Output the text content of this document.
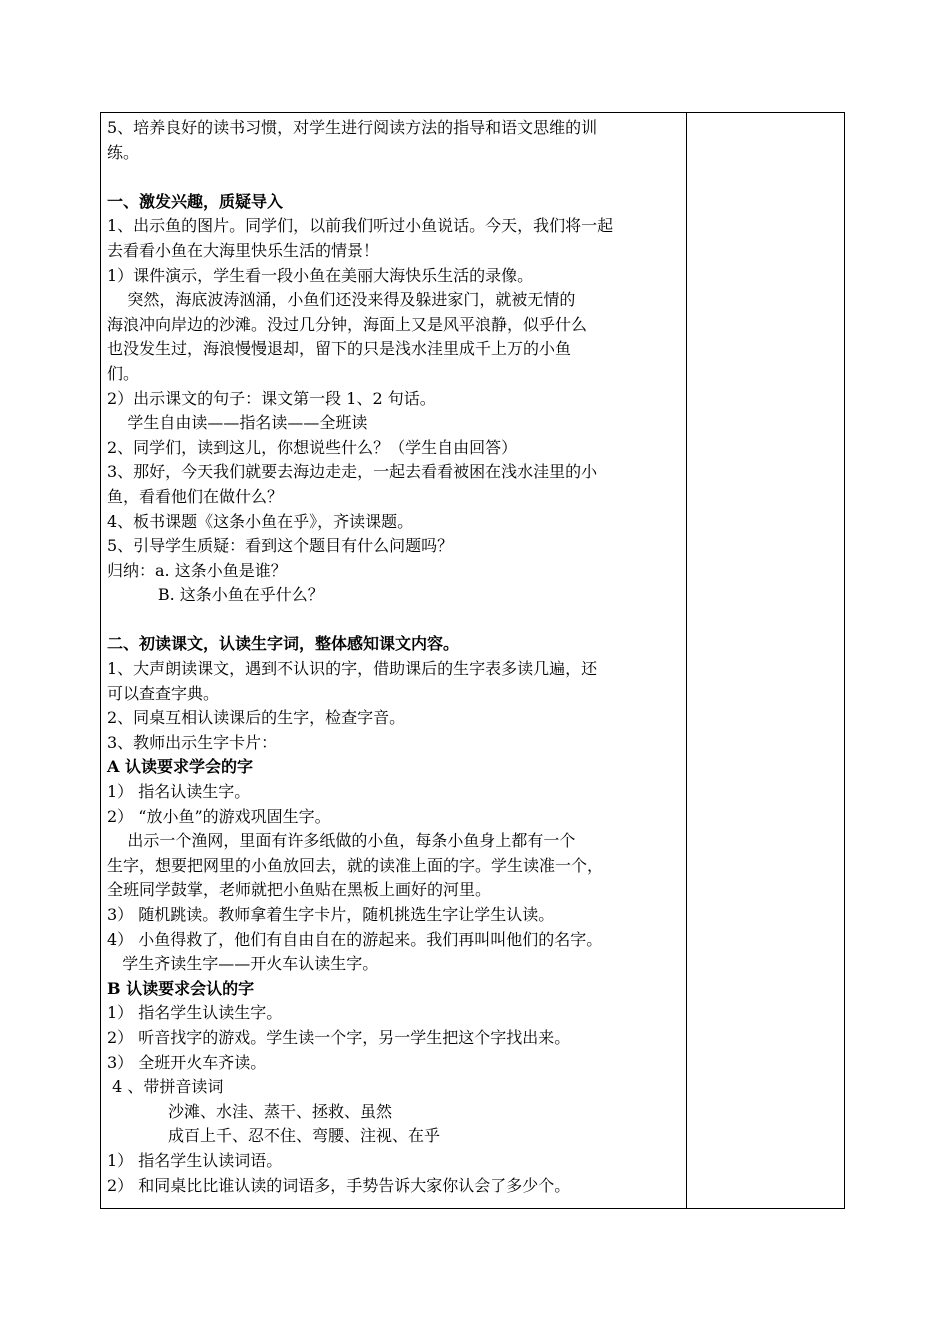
5、培养良好的读书习惯，对学生进行阅读方法的指导和语文思维的训
练。
一、激发兴趣，质疑导入
1、出示鱼的图片。同学们，以前我们听过小鱼说话。今天，我们将一起
去看看小鱼在大海里快乐生活的情景！
1）课件演示，学生看一段小鱼在美丽大海快乐生活的录像。
突然，海底波涛汹涌，小鱼们还没来得及躲进家门，就被无情的
海浪冲向岸边的沙滩。没过几分钟，海面上又是风平浪静，似乎什么
也没发生过，海浪慢慢退却，留下的只是浅水洼里成千上万的小鱼
们。
2）出示课文的句子：课文第一段 1、2 句话。
学生自由读——指名读——全班读
2、同学们，读到这儿，你想说些什么？（学生自由回答）
3、那好，今天我们就要去海边走走，一起去看看被困在浅水洼里的小
鱼，看看他们在做什么？
4、板书课题《这条小鱼在乎》，齐读课题。
5、引导学生质疑：看到这个题目有什么问题吗？
归纳：a. 这条小鱼是谁？
B. 这条小鱼在乎什么？
二、初读课文，认读生字词，整体感知课文内容。
1、大声朗读课文，遇到不认识的字，借助课后的生字表多读几遍，还
可以查查字典。
2、同桌互相认读课后的生字，检查字音。
3、教师出示生字卡片：
A 认读要求学会的字
1） 指名认读生字。
2） “放小鱼”的游戏巩固生字。
出示一个渔网，里面有许多纸做的小鱼，每条小鱼身上都有一个
生字，想要把网里的小鱼放回去，就的读准上面的字。学生读准一个，
全班同学鼓掌，老师就把小鱼贴在黑板上画好的河里。
3） 随机跳读。教师拿着生字卡片，随机挑选生字让学生认读。
4） 小鱼得救了，他们有自由自在的游起来。我们再叫叫他们的名字。
学生齐读生字——开火车认读生字。
B 认读要求会认的字
1） 指名学生认读生字。
2） 听音找字的游戏。学生读一个字，另一学生把这个字找出来。
3） 全班开火车齐读。
4 、带拼音读词
沙滩、水洼、蒸干、拯救、虽然
成百上千、忍不住、弯腰、注视、在乎
1） 指名学生认读词语。
2） 和同桌比比谁认读的词语多，手势告诉大家你认会了多少个。
